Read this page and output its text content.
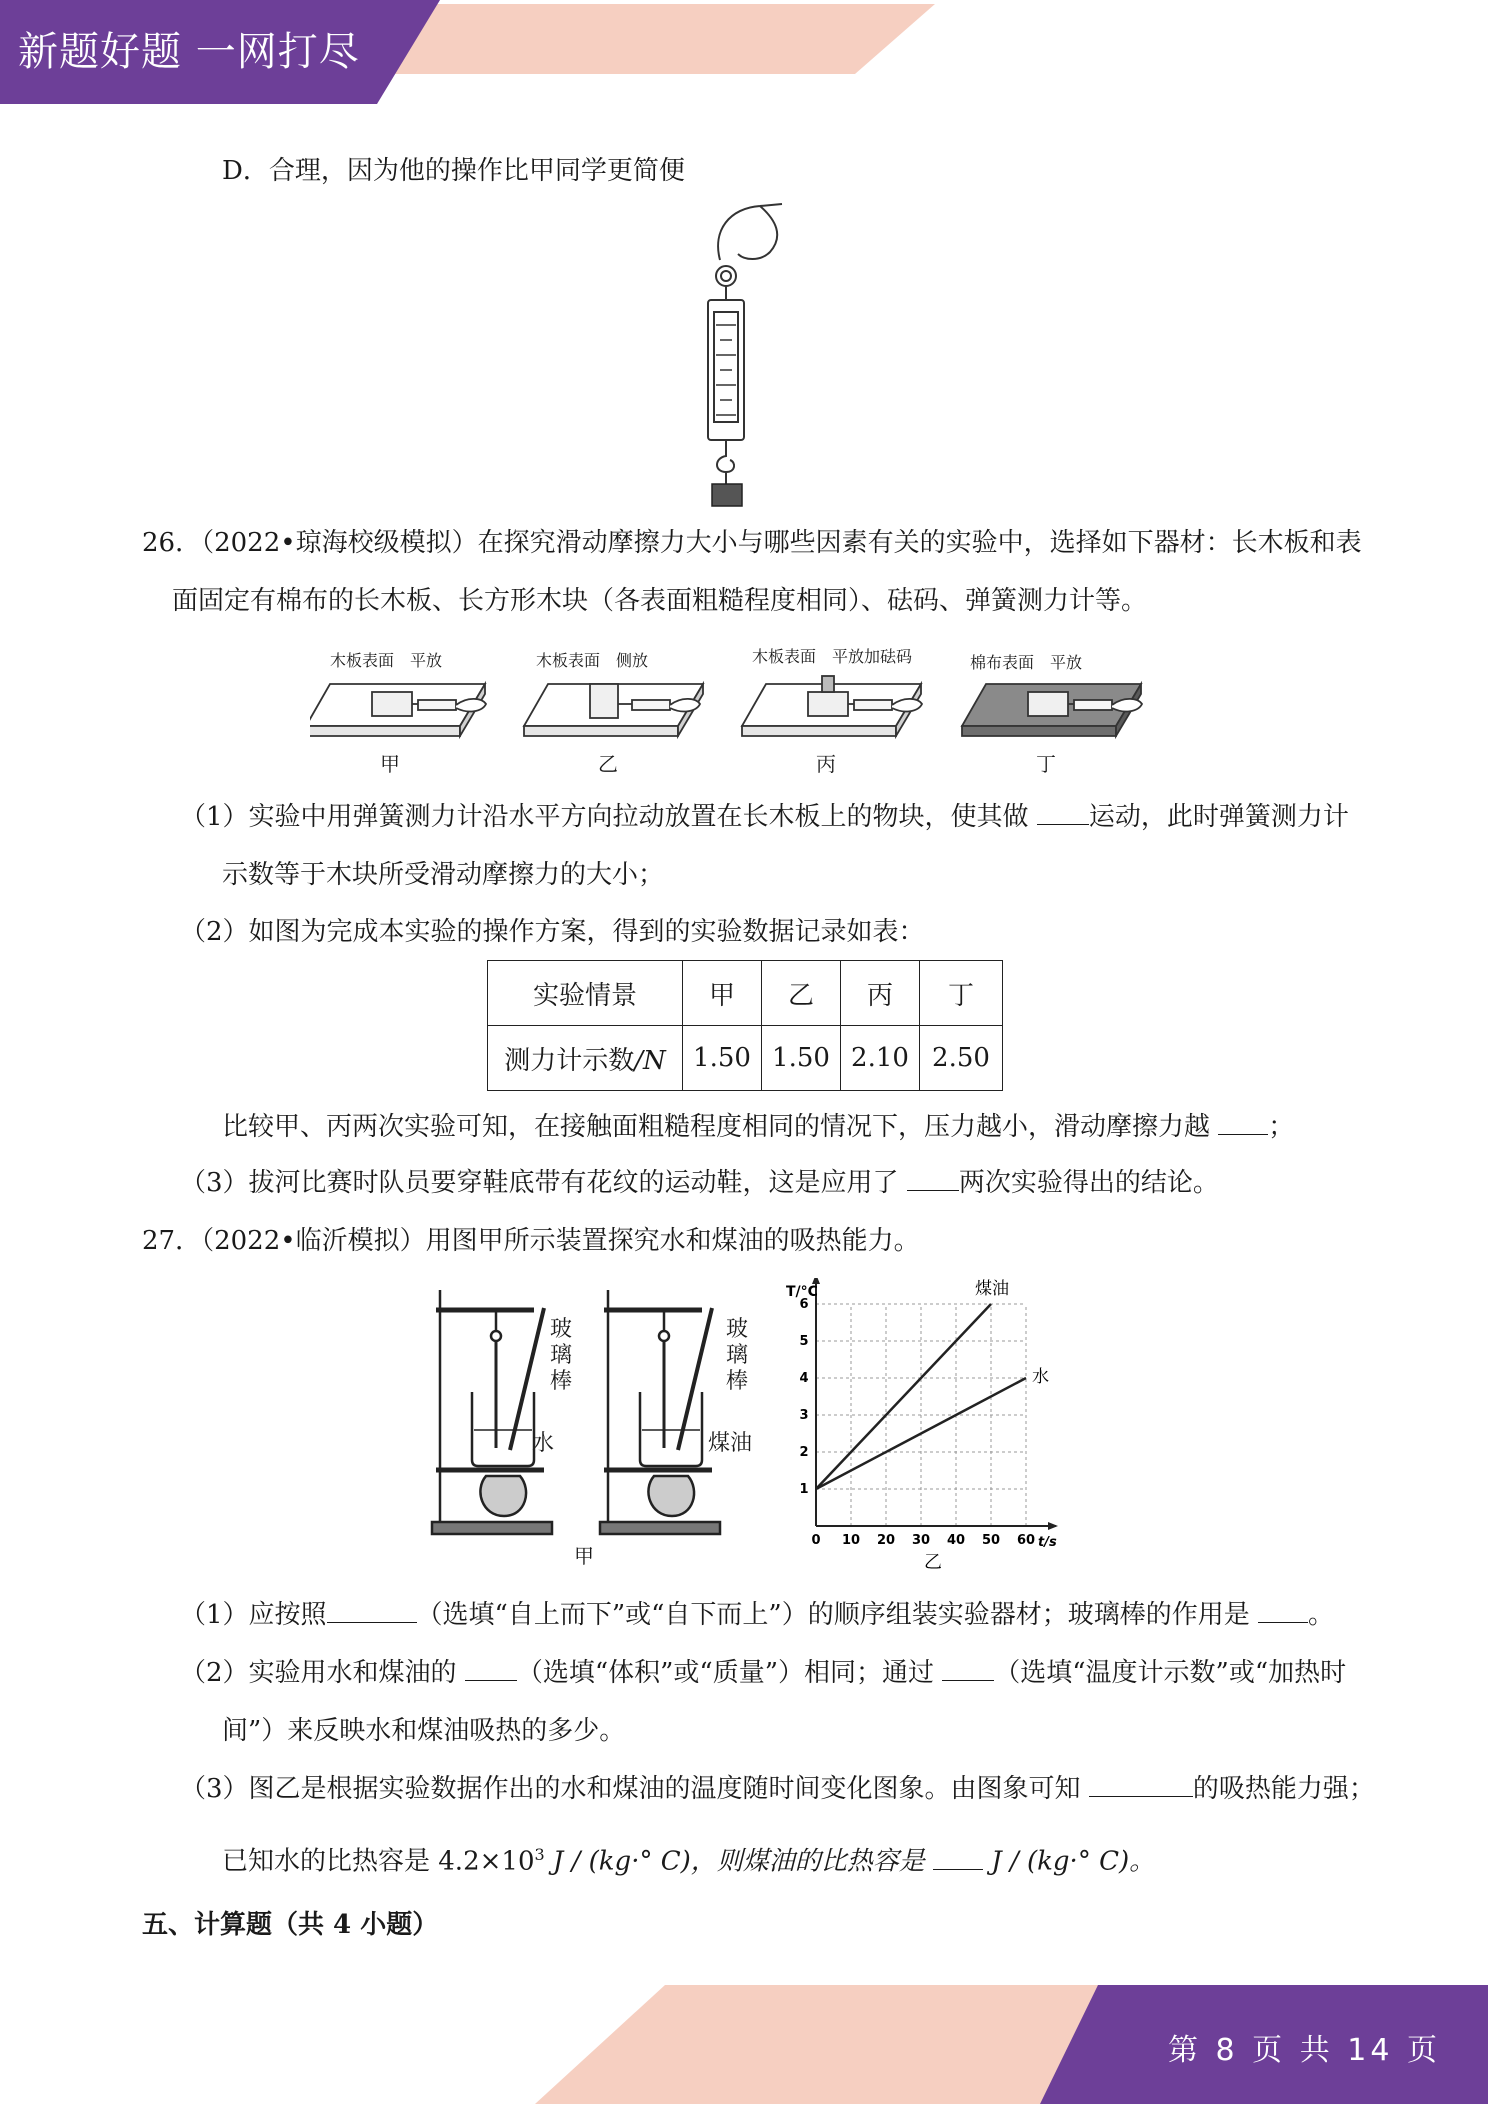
新题好题 一网打尽
D．合理，因为他的操作比甲同学更简便
26．（2022•琼海校级模拟）在探究滑动摩擦力大小与哪些因素有关的实验中，选择如下器材：长木板和表
面固定有棉布的长木板、长方形木块（各表面粗糙程度相同）、砝码、弹簧测力计等。
木板表面　平放	木板表面　侧放	木板表面　平放加砝码	棉布表面　平放
甲	乙	丙	丁
（1）实验中用弹簧测力计沿水平方向拉动放置在长木板上的物块，使其做 运动，此时弹簧测力计
示数等于木块所受滑动摩擦力的大小；
（2）如图为完成本实验的操作方案，得到的实验数据记录如表：
实验情景	甲	乙	丙	丁
测力计示数/N	1.50	1.50	2.10	2.50
比较甲、丙两次实验可知，在接触面粗糙程度相同的情况下，压力越小，滑动摩擦力越 ；
（3）拔河比赛时队员要穿鞋底带有花纹的运动鞋，这是应用了 两次实验得出的结论。
27．（2022•临沂模拟）用图甲所示装置探究水和煤油的吸热能力。
玻
璃
棒
水
玻
璃
棒
煤油
甲
煤油
水
0 10 20 30 40 50 60
1
2
3
4
5
6
T/°C
t/s
乙
（1）应按照	（选填“自上而下”或“自下而上”）的顺序组装实验器材；玻璃棒的作用是 。
（2）实验用水和煤油的 （选填“体积”或“质量”）相同；通过 （选填“温度计示数”或“加热时
间”）来反映水和煤油吸热的多少。
（3）图乙是根据实验数据作出的水和煤油的温度随时间变化图象。由图象可知	的吸热能力强；
已知水的比热容是 $4.2\times 10^3$ J / (kg·° C)，则煤油的比热容是  J / (kg·° C)。
五、计算题（共 4 小题）
第 8 页 共 14 页
